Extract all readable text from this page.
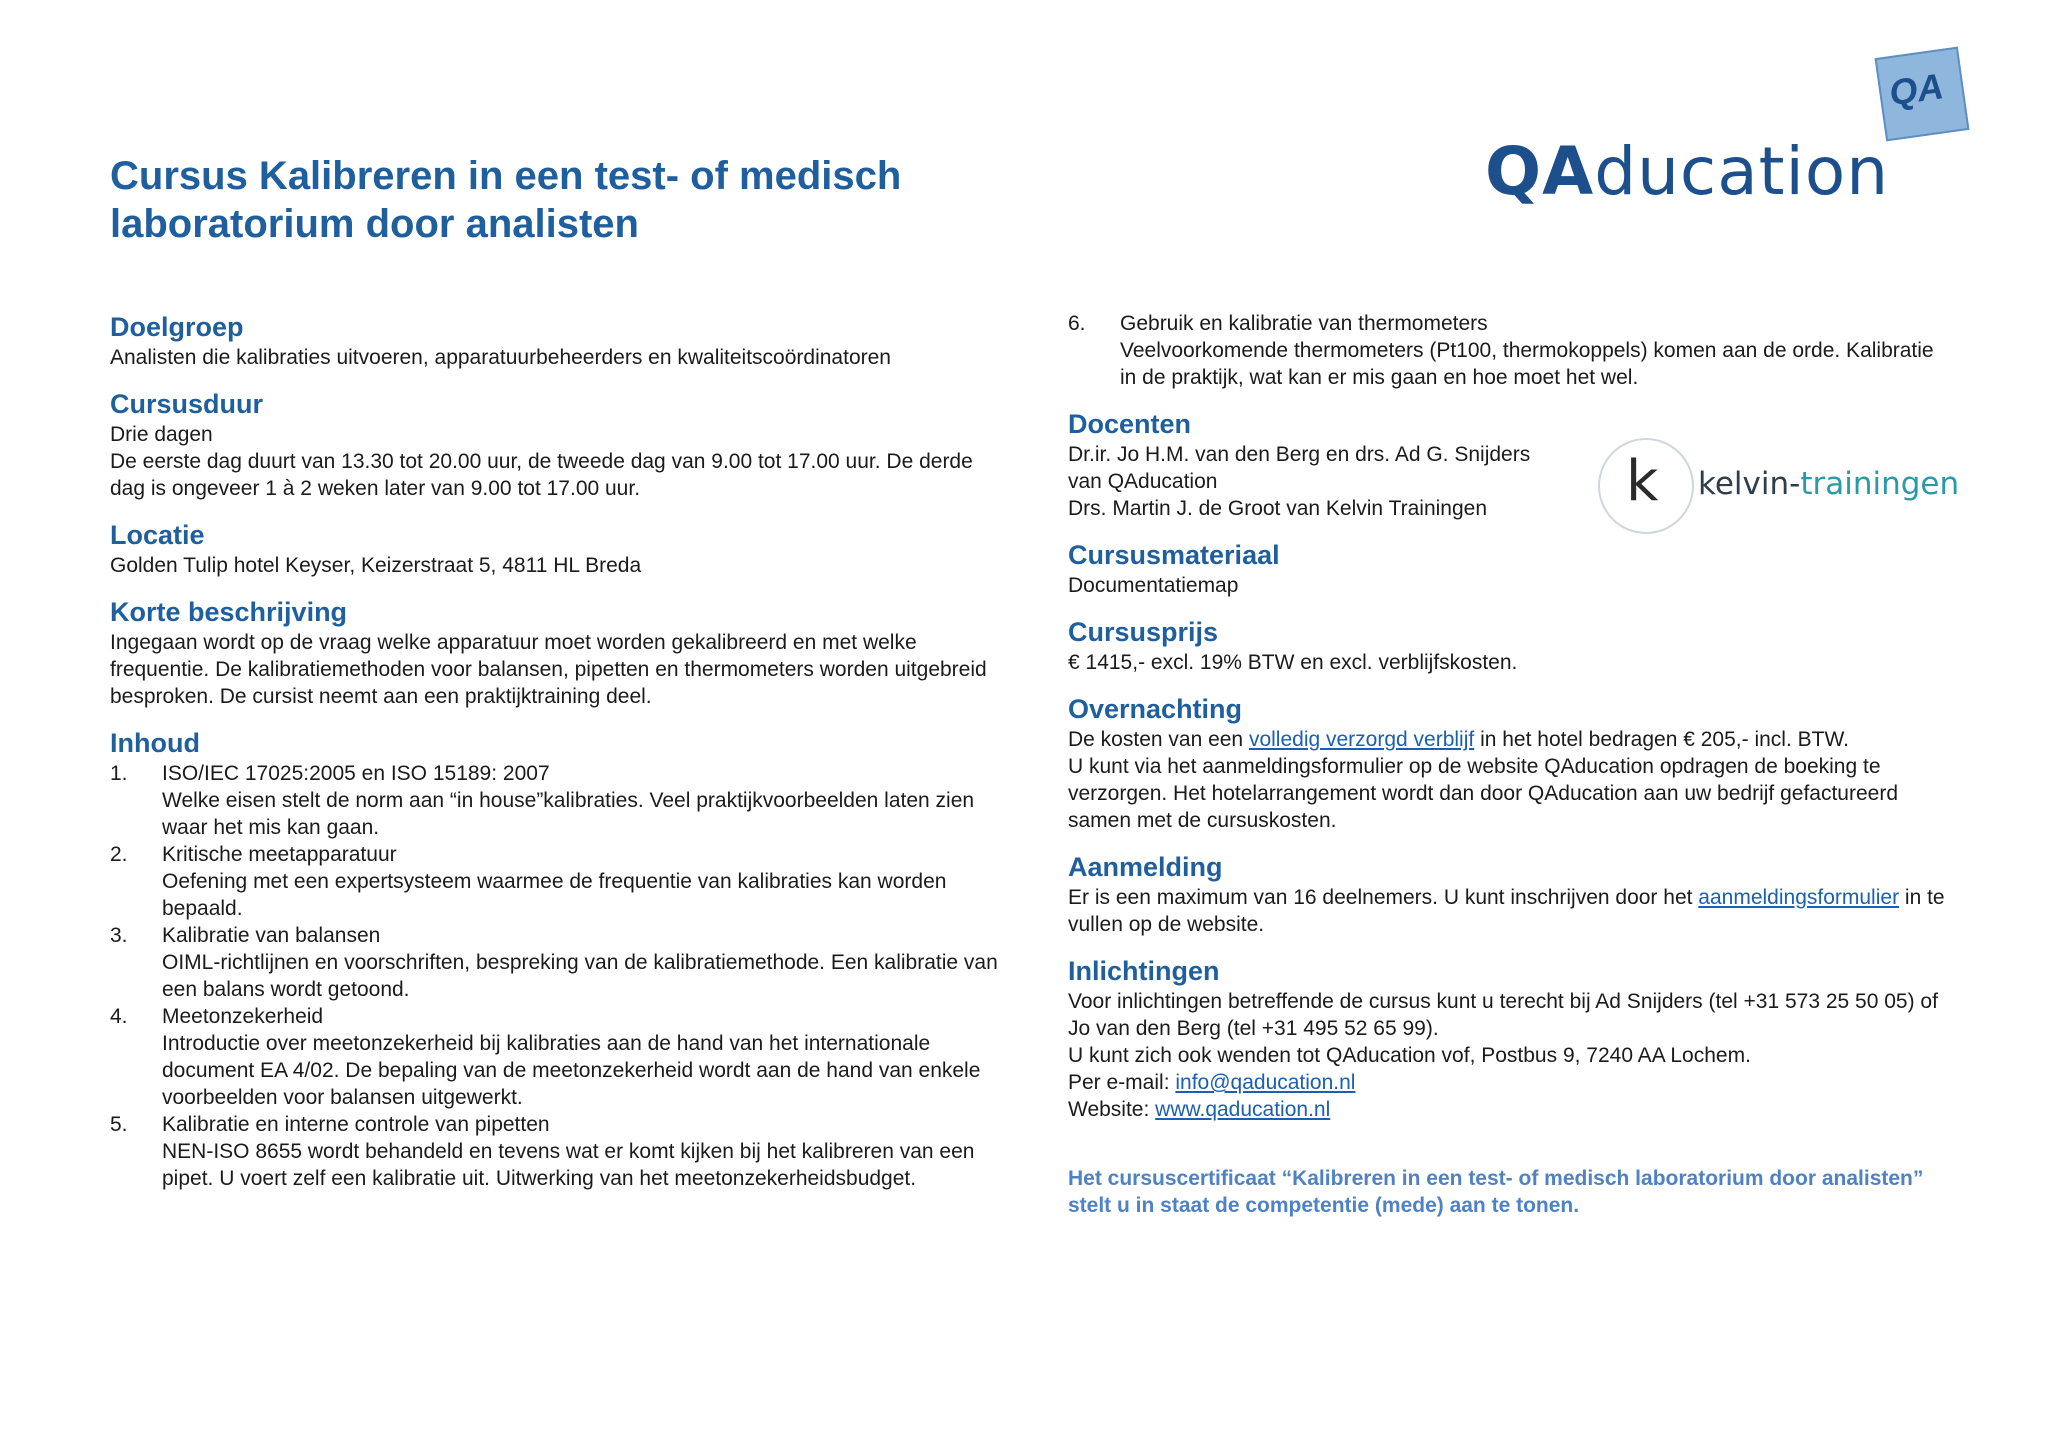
Cursus Kalibreren in een test- of medisch laboratorium door analisten
QA
QAducation
Doelgroep

Analisten die kalibraties uitvoeren, apparatuurbeheerders en kwaliteitscoördinatoren

Cursusduur

Drie dagen

De eerste dag duurt van 13.30 tot 20.00 uur, de tweede dag van 9.00 tot 17.00 uur. De derde dag is ongeveer 1 à 2 weken later van 9.00 tot 17.00 uur.

Locatie

Golden Tulip hotel Keyser, Keizerstraat 5, 4811 HL Breda

Korte beschrijving

Ingegaan wordt op de vraag welke apparatuur moet worden gekalibreerd en met welke frequentie. De kalibratiemethoden voor balansen, pipetten en thermometers worden uitgebreid besproken. De cursist neemt aan een praktijktraining deel.

Inhoud
1. ISO/IEC 17025:2005 en ISO 15189: 2007
Welke eisen stelt de norm aan “in house”kalibraties. Veel praktijkvoorbeelden laten zien waar het mis kan gaan.
2. Kritische meetapparatuur
Oefening met een expertsysteem waarmee de frequentie van kalibraties kan worden bepaald.
3. Kalibratie van balansen
OIML-richtlijnen en voorschriften, bespreking van de kalibratiemethode. Een kalibratie van een balans wordt getoond.
4. Meetonzekerheid
Introductie over meetonzekerheid bij kalibraties aan de hand van het internationale document EA 4/02. De bepaling van de meetonzekerheid wordt aan de hand van enkele voorbeelden voor balansen uitgewerkt.
5. Kalibratie en interne controle van pipetten
NEN-ISO 8655 wordt behandeld en tevens wat er komt kijken bij het kalibreren van een pipet. U voert zelf een kalibratie uit. Uitwerking van het meetonzekerheidsbudget.
6. Gebruik en kalibratie van thermometers
Veelvoorkomende thermometers (Pt100, thermokoppels) komen aan de orde. Kalibratie in de praktijk, wat kan er mis gaan en hoe moet het wel.
Docenten

Dr.ir. Jo H.M. van den Berg en drs. Ad G. Snijders

van QAducation

Drs. Martin J. de Groot van Kelvin Trainingen

Cursusmateriaal

Documentatiemap

Cursusprijs

€ 1415,- excl. 19% BTW en excl. verblijfskosten.

Overnachting

De kosten van een volledig verzorgd verblijf in het hotel bedragen € 205,- incl. BTW.

U kunt via het aanmeldingsformulier op de website QAducation opdragen de boeking te verzorgen. Het hotelarrangement wordt dan door QAducation aan uw bedrijf gefactureerd samen met de cursuskosten.

Aanmelding

Er is een maximum van 16 deelnemers. U kunt inschrijven door het aanmeldingsformulier in te vullen op de website.

Inlichtingen

Voor inlichtingen betreffende de cursus kunt u terecht bij Ad Snijders (tel +31 573 25 50 05) of Jo van den Berg (tel +31 495 52 65 99).

U kunt zich ook wenden tot QAducation vof, Postbus 9, 7240 AA Lochem.

Per e-mail: info@qaducation.nl

Website: www.qaducation.nl

Het cursuscertificaat “Kalibreren in een test- of medisch laboratorium door analisten” stelt u in staat de competentie (mede) aan te tonen.
k kelvin-trainingen
